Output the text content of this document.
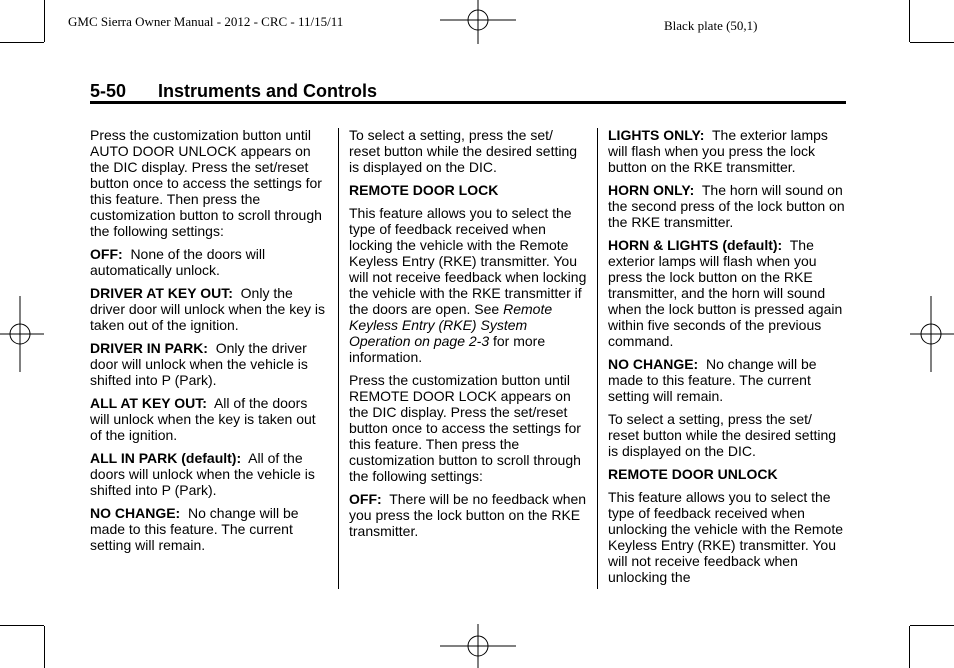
GMC Sierra Owner Manual - 2012 - CRC - 11/15/11	Black plate (50,1)
5-50 Instruments and Controls

Press the customization button until AUTO DOOR UNLOCK appears on the DIC display. Press the set/reset button once to access the settings for this feature. Then press the customization button to scroll through the following settings:

OFF: None of the doors will automatically unlock.

DRIVER AT KEY OUT: Only the driver door will unlock when the key is taken out of the ignition.

DRIVER IN PARK: Only the driver door will unlock when the vehicle is shifted into P (Park).

ALL AT KEY OUT: All of the doors will unlock when the key is taken out of the ignition.

ALL IN PARK (default): All of the doors will unlock when the vehicle is shifted into P (Park).

NO CHANGE: No change will be made to this feature. The current setting will remain.

To select a setting, press the set/ reset button while the desired setting is displayed on the DIC.

REMOTE DOOR LOCK

This feature allows you to select the type of feedback received when locking the vehicle with the Remote Keyless Entry (RKE) transmitter. You will not receive feedback when locking the vehicle with the RKE transmitter if the doors are open. See Remote Keyless Entry (RKE) System Operation on page 2-3 for more information.

Press the customization button until REMOTE DOOR LOCK appears on the DIC display. Press the set/reset button once to access the settings for this feature. Then press the customization button to scroll through the following settings:

OFF: There will be no feedback when you press the lock button on the RKE transmitter.

LIGHTS ONLY: The exterior lamps will flash when you press the lock button on the RKE transmitter.

HORN ONLY: The horn will sound on the second press of the lock button on the RKE transmitter.

HORN & LIGHTS (default): The exterior lamps will flash when you press the lock button on the RKE transmitter, and the horn will sound when the lock button is pressed again within five seconds of the previous command.

NO CHANGE: No change will be made to this feature. The current setting will remain.

To select a setting, press the set/ reset button while the desired setting is displayed on the DIC.

REMOTE DOOR UNLOCK

This feature allows you to select the type of feedback received when unlocking the vehicle with the Remote Keyless Entry (RKE) transmitter. You will not receive feedback when unlocking the
